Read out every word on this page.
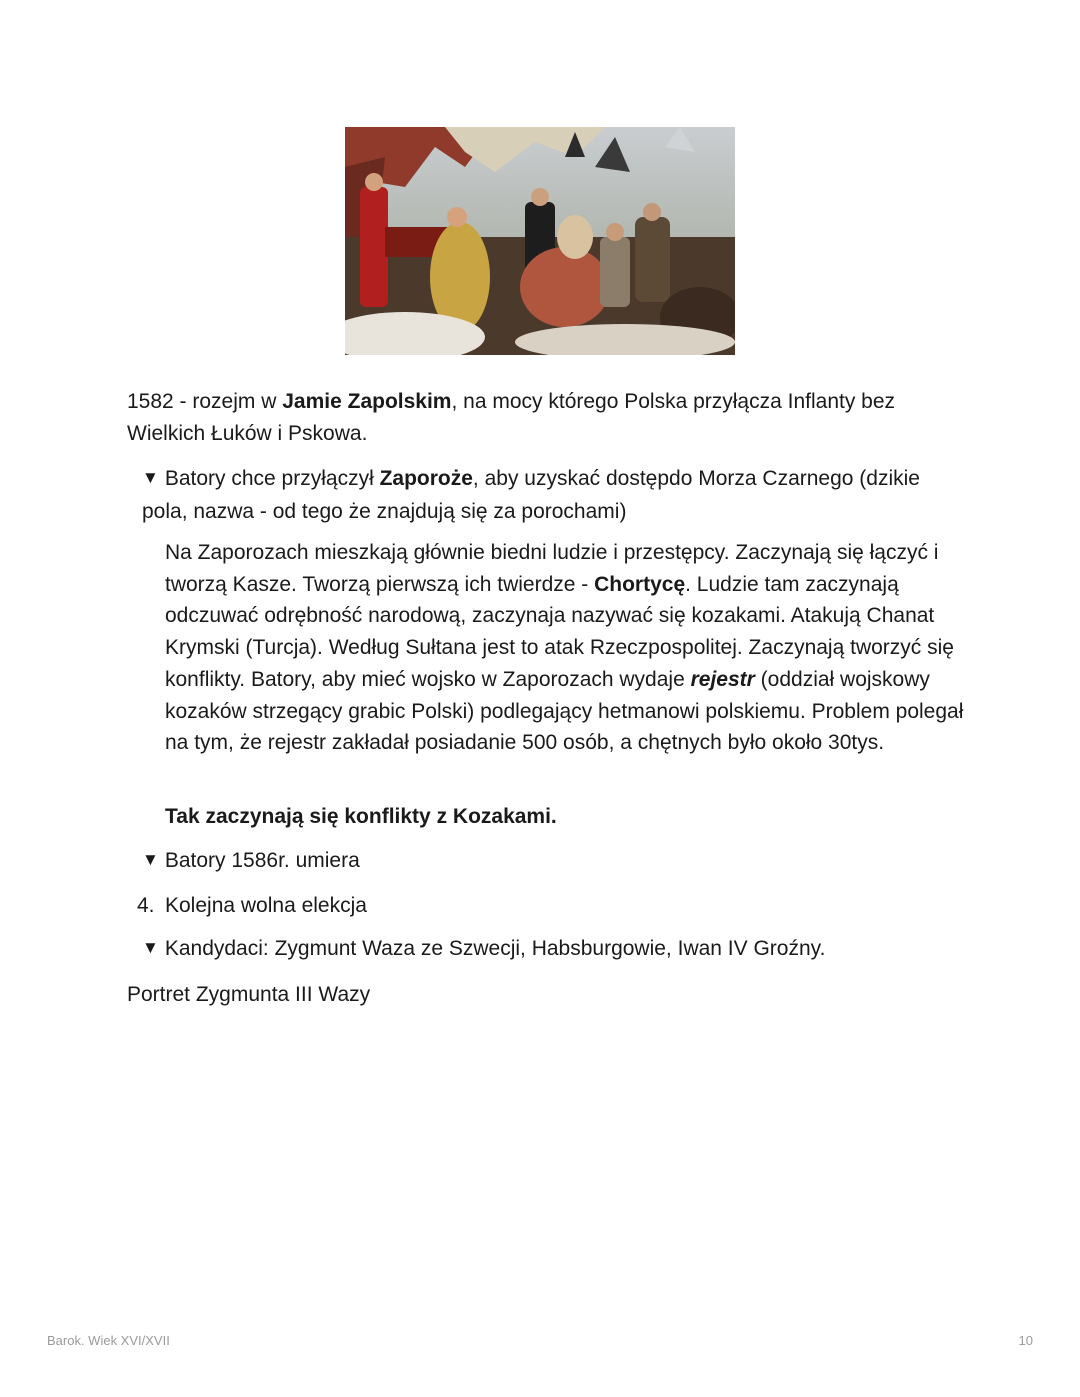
1582 - rozejm w Jamie Zapolskim, na mocy którego Polska przyłącza Inflanty bez Wielkich Łuków i Pskowa.
▼ Batory chce przyłączył Zaporoże, aby uzyskać dostępdo Morza Czarnego (dzikie pola, nazwa - od tego że znajdują się za porochami)
Na Zaporozach mieszkają głównie biedni ludzie i przestępcy. Zaczynają się łączyć i tworzą Kasze. Tworzą pierwszą ich twierdze - Chortycę. Ludzie tam zaczynają odczuwać odrębność narodową, zaczynaja nazywać się kozakami. Atakują Chanat Krymski (Turcja). Według Sułtana jest to atak Rzeczpospolitej. Zaczynają tworzyć się konflikty. Batory, aby mieć wojsko w Zaporozach wydaje rejestr (oddział wojskowy kozaków strzegący grabic Polski) podlegający hetmanowi polskiemu. Problem polegał na tym, że rejestr zakładał posiadanie 500 osób, a chętnych było około 30tys.
Tak zaczynają się konflikty z Kozakami.
▼ Batory 1586r. umiera
4. Kolejna wolna elekcja
▼ Kandydaci: Zygmunt Waza ze Szwecji, Habsburgowie, Iwan IV Groźny.
Portret Zygmunta III Wazy
Barok. Wiek XVI/XVII	10
